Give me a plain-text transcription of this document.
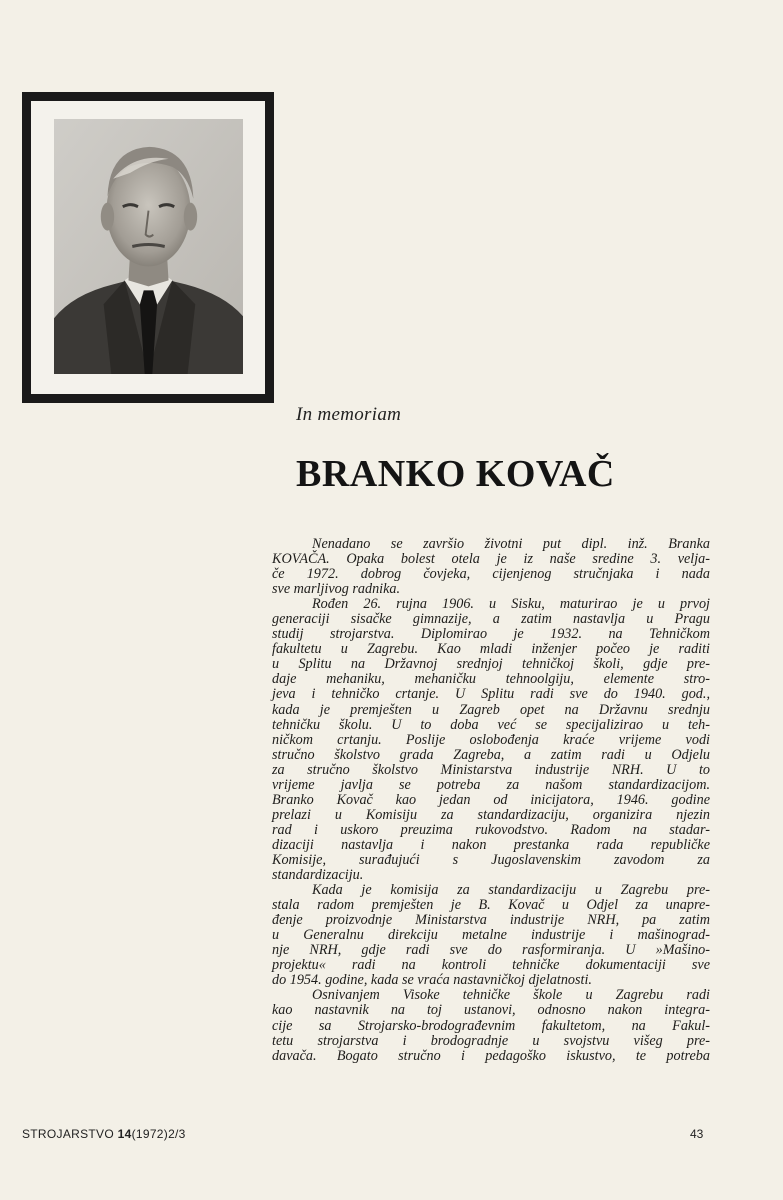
In memoriam
BRANKO KOVAČ

Nenadano se završio životni put dipl. inž. Branka
KOVAČA. Opaka bolest otela je iz naše sredine 3. velja-
če 1972. dobrog čovjeka, cijenjenog stručnjaka i nada
sve marljivog radnika.

Rođen 26. rujna 1906. u Sisku, maturirao je u prvoj
generaciji sisačke gimnazije, a zatim nastavlja u Pragu
studij strojarstva. Diplomirao je 1932. na Tehničkom
fakultetu u Zagrebu. Kao mladi inženjer počeo je raditi
u Splitu na Državnoj srednjoj tehničkoj školi, gdje pre-
daje mehaniku, mehaničku tehnoolgiju, elemente stro-
jeva i tehničko crtanje. U Splitu radi sve do 1940. god.,
kada je premješten u Zagreb opet na Državnu srednju
tehničku školu. U to doba već se specijalizirao u teh-
ničkom crtanju. Poslije oslobođenja kraće vrijeme vodi
stručno školstvo grada Zagreba, a zatim radi u Odjelu
za stručno školstvo Ministarstva industrije NRH. U to
vrijeme javlja se potreba za našom standardizacijom.
Branko Kovač kao jedan od inicijatora, 1946. godine
prelazi u Komisiju za standardizaciju, organizira njezin
rad i uskoro preuzima rukovodstvo. Radom na stadar-
dizaciji nastavlja i nakon prestanka rada republičke
Komisije, surađujući s Jugoslavenskim zavodom za
standardizaciju.

Kada je komisija za standardizaciju u Zagrebu pre-
stala radom premješten je B. Kovač u Odjel za unapre-
đenje proizvodnje Ministarstva industrije NRH, pa zatim
u Generalnu direkciju metalne industrije i mašinograd-
nje NRH, gdje radi sve do rasformiranja. U »Mašino-
projektu« radi na kontroli tehničke dokumentaciji sve
do 1954. godine, kada se vraća nastavničkoj djelatnosti.

Osnivanjem Visoke tehničke škole u Zagrebu radi
kao nastavnik na toj ustanovi, odnosno nakon integra-
cije sa Strojarsko-brodograđevnim fakultetom, na Fakul-
tetu strojarstva i brodogradnje u svojstvu višeg pre-
davača. Bogato stručno i pedagoško iskustvo, te potreba

STROJARSTVO 14(1972)2/3	43
